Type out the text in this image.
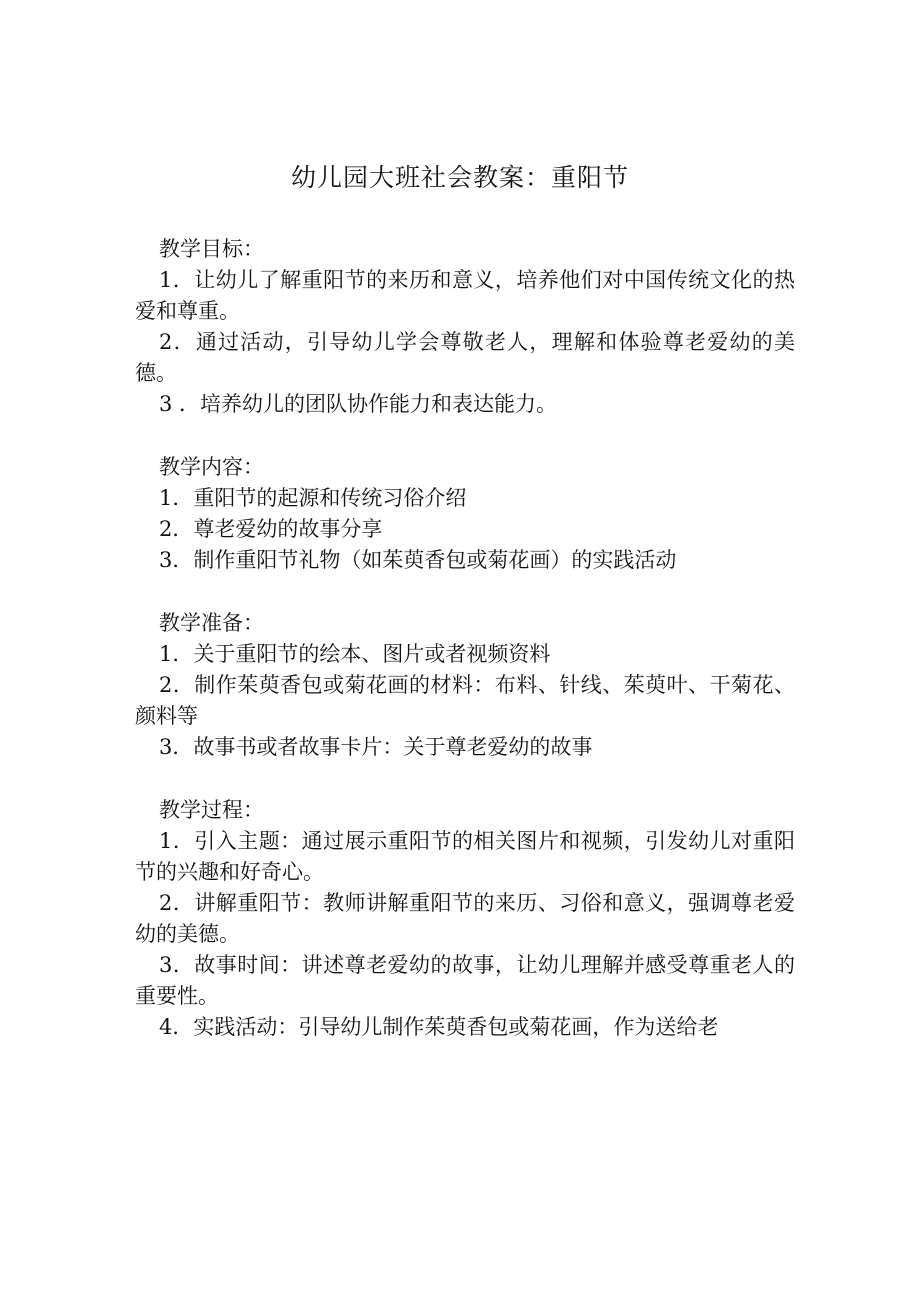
幼儿园大班社会教案：重阳节
教学目标：
1．让幼儿了解重阳节的来历和意义，培养他们对中国传统文化的热爱和尊重。
2．通过活动，引导幼儿学会尊敬老人，理解和体验尊老爱幼的美德。
3 ．培养幼儿的团队协作能力和表达能力。
教学内容：
1．重阳节的起源和传统习俗介绍
2．尊老爱幼的故事分享
3．制作重阳节礼物（如茱萸香包或菊花画）的实践活动
教学准备：
1．关于重阳节的绘本、图片或者视频资料
2．制作茱萸香包或菊花画的材料：布料、针线、茱萸叶、干菊花、颜料等
3．故事书或者故事卡片：关于尊老爱幼的故事
教学过程：
1．引入主题：通过展示重阳节的相关图片和视频，引发幼儿对重阳节的兴趣和好奇心。
2．讲解重阳节：教师讲解重阳节的来历、习俗和意义，强调尊老爱幼的美德。
3．故事时间：讲述尊老爱幼的故事，让幼儿理解并感受尊重老人的重要性。
4．实践活动：引导幼儿制作茱萸香包或菊花画，作为送给老
